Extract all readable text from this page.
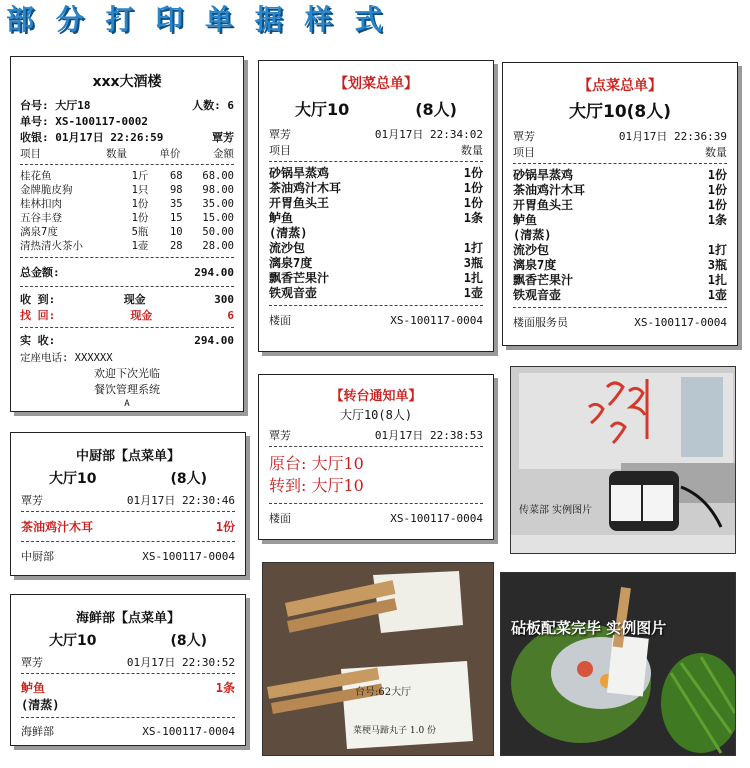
部 分 打 印 单 据 样 式
xxx大酒楼
台号: 大厅18	人数: 6
单号: XS-100117-0002
收银: 01月17日 22:26:59	覃芳
项目	数量	单价	金额
桂花鱼	1斤	68	68.00
金牌脆皮狗	1只	98	98.00
桂林扣肉	1份	35	35.00
五谷丰登	1份	15	15.00
漓泉7度	5瓶	10	50.00
清热清火茶小	1壶	28	28.00
总金额:	294.00
收 到:	现金	300
找 回:	现金	6
实 收:	294.00
定座电话: XXXXXX
欢迎下次光临
餐饮管理系统
A
【划菜总单】
大厅10	(8人)
覃芳	01月17日 22:34:02
项目	数量
砂锅旱蒸鸡	1份
茶油鸡汁木耳	1份
开胃鱼头王	1份
鲈鱼	1条
(清蒸)
流沙包	1打
漓泉7度	3瓶
飘香芒果汁	1扎
铁观音壶	1壶
楼面	XS-100117-0004
【点菜总单】
大厅10(8人)
覃芳	01月17日 22:36:39
项目	数量
砂锅旱蒸鸡	1份
茶油鸡汁木耳	1份
开胃鱼头王	1份
鲈鱼	1条
(清蒸)
流沙包	1打
漓泉7度	3瓶
飘香芒果汁	1扎
铁观音壶	1壶
楼面服务员	XS-100117-0004
【转台通知单】
大厅10(8人)
覃芳	01月17日 22:38:53
原台: 大厅10
转到: 大厅10
楼面	XS-100117-0004
中厨部【点菜单】
大厅10	(8人)
覃芳	01月17日 22:30:46
茶油鸡汁木耳	1份
中厨部	XS-100117-0004
海鲜部【点菜单】
大厅10	(8人)
覃芳	01月17日 22:30:52
鲈鱼	1条
(清蒸)
海鲜部	XS-100117-0004
传菜部 实例图片
台号:62大厅
菜梗马蹄丸子 1.0 份
砧板配菜完毕 实例图片
